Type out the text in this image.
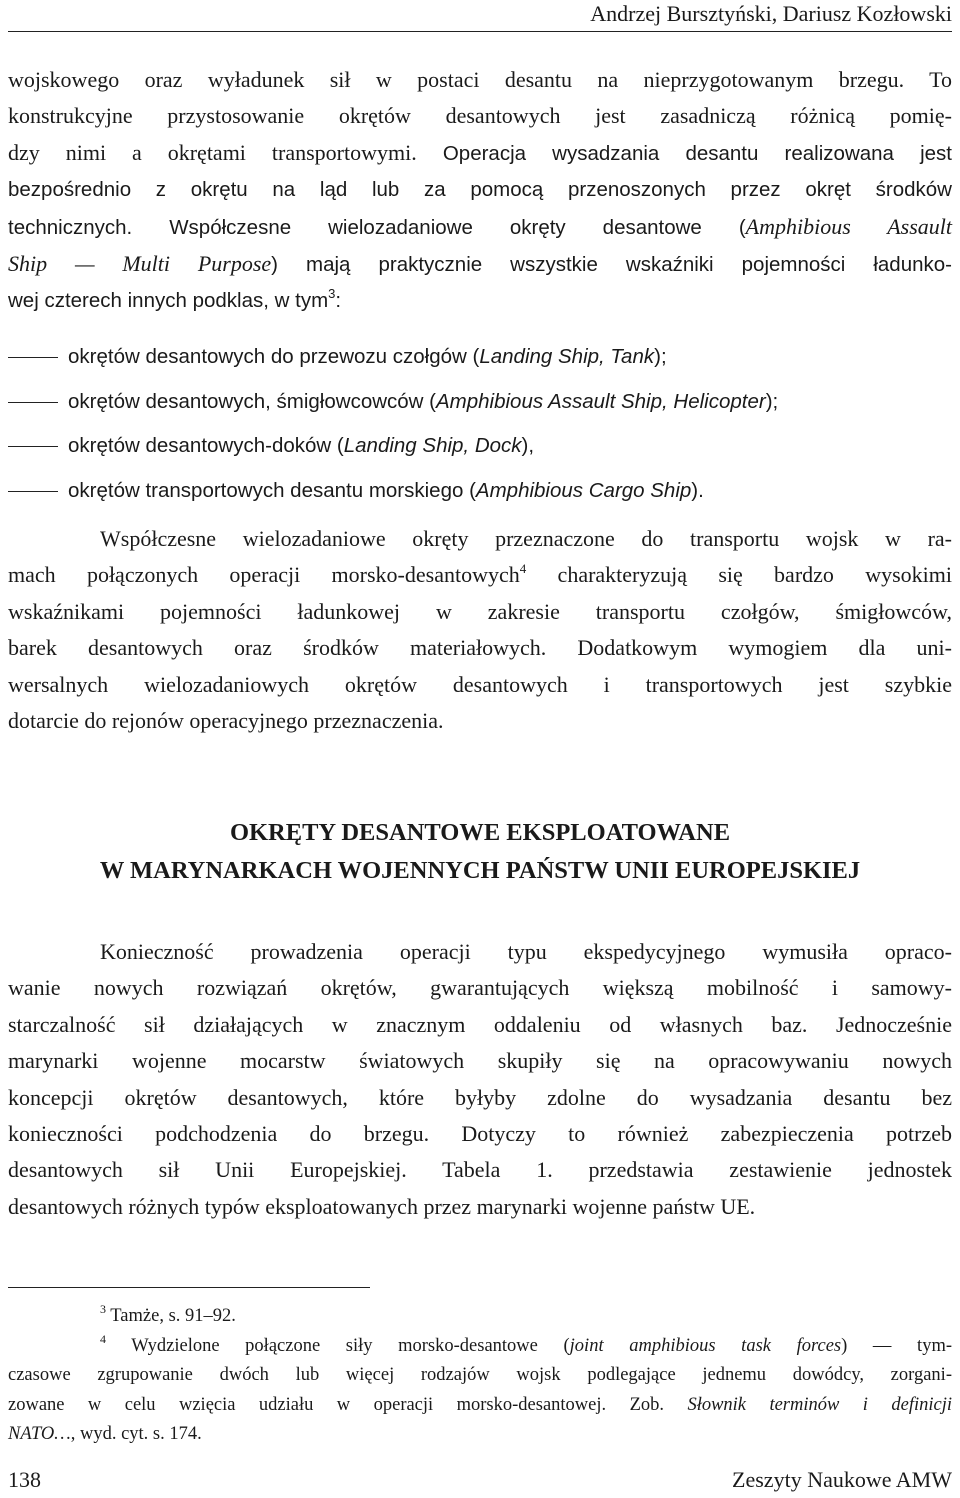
Andrzej Bursztyński, Dariusz Kozłowski
wojskowego oraz wyładunek sił w postaci desantu na nieprzygotowanym brzegu. To
konstrukcyjne przystosowanie okrętów desantowych jest zasadniczą różnicą pomię-
dzy nimi a okrętami transportowymi. Operacja wysadzania desantu realizowana jest
bezpośrednio z okrętu na ląd lub za pomocą przenoszonych przez okręt środków
technicznych. Współczesne wielozadaniowe okręty desantowe (Amphibious Assault
Ship — Multi Purpose) mają praktycznie wszystkie wskaźniki pojemności ładunko-
wej czterech innych podklas, w tym$^3$:
okrętów desantowych do przewozu czołgów (Landing Ship, Tank);
okrętów desantowych, śmigłowcowców (Amphibious Assault Ship, Helicopter);
okrętów desantowych-doków (Landing Ship, Dock),
okrętów transportowych desantu morskiego (Amphibious Cargo Ship).
Współczesne wielozadaniowe okręty przeznaczone do transportu wojsk w ra-
mach połączonych operacji morsko-desantowych$^4$ charakteryzują się bardzo wysokimi
wskaźnikami pojemności ładunkowej w zakresie transportu czołgów, śmigłowców,
barek desantowych oraz środków materiałowych. Dodatkowym wymogiem dla uni-
wersalnych wielozadaniowych okrętów desantowych i transportowych jest szybkie
dotarcie do rejonów operacyjnego przeznaczenia.
OKRĘTY DESANTOWE EKSPLOATOWANE
W MARYNARKACH WOJENNYCH PAŃSTW UNII EUROPEJSKIEJ
Konieczność prowadzenia operacji typu ekspedycyjnego wymusiła opraco-
wanie nowych rozwiązań okrętów, gwarantujących większą mobilność i samowy-
starczalność sił działających w znacznym oddaleniu od własnych baz. Jednocześnie
marynarki wojenne mocarstw światowych skupiły się na opracowywaniu nowych
koncepcji okrętów desantowych, które byłyby zdolne do wysadzania desantu bez
konieczności podchodzenia do brzegu. Dotyczy to również zabezpieczenia potrzeb
desantowych sił Unii Europejskiej. Tabela 1. przedstawia zestawienie jednostek
desantowych różnych typów eksploatowanych przez marynarki wojenne państw UE.

$^3$ Tamże, s. 91–92.

$^4$ Wydzielone połączone siły morsko-desantowe (joint amphibious task forces) — tym-
czasowe zgrupowanie dwóch lub więcej rodzajów wojsk podlegające jednemu dowódcy, zorgani-
zowane w celu wzięcia udziału w operacji morsko-desantowej. Zob. Słownik terminów i definicji
NATO…, wyd. cyt. s. 174.
138	Zeszyty Naukowe AMW
